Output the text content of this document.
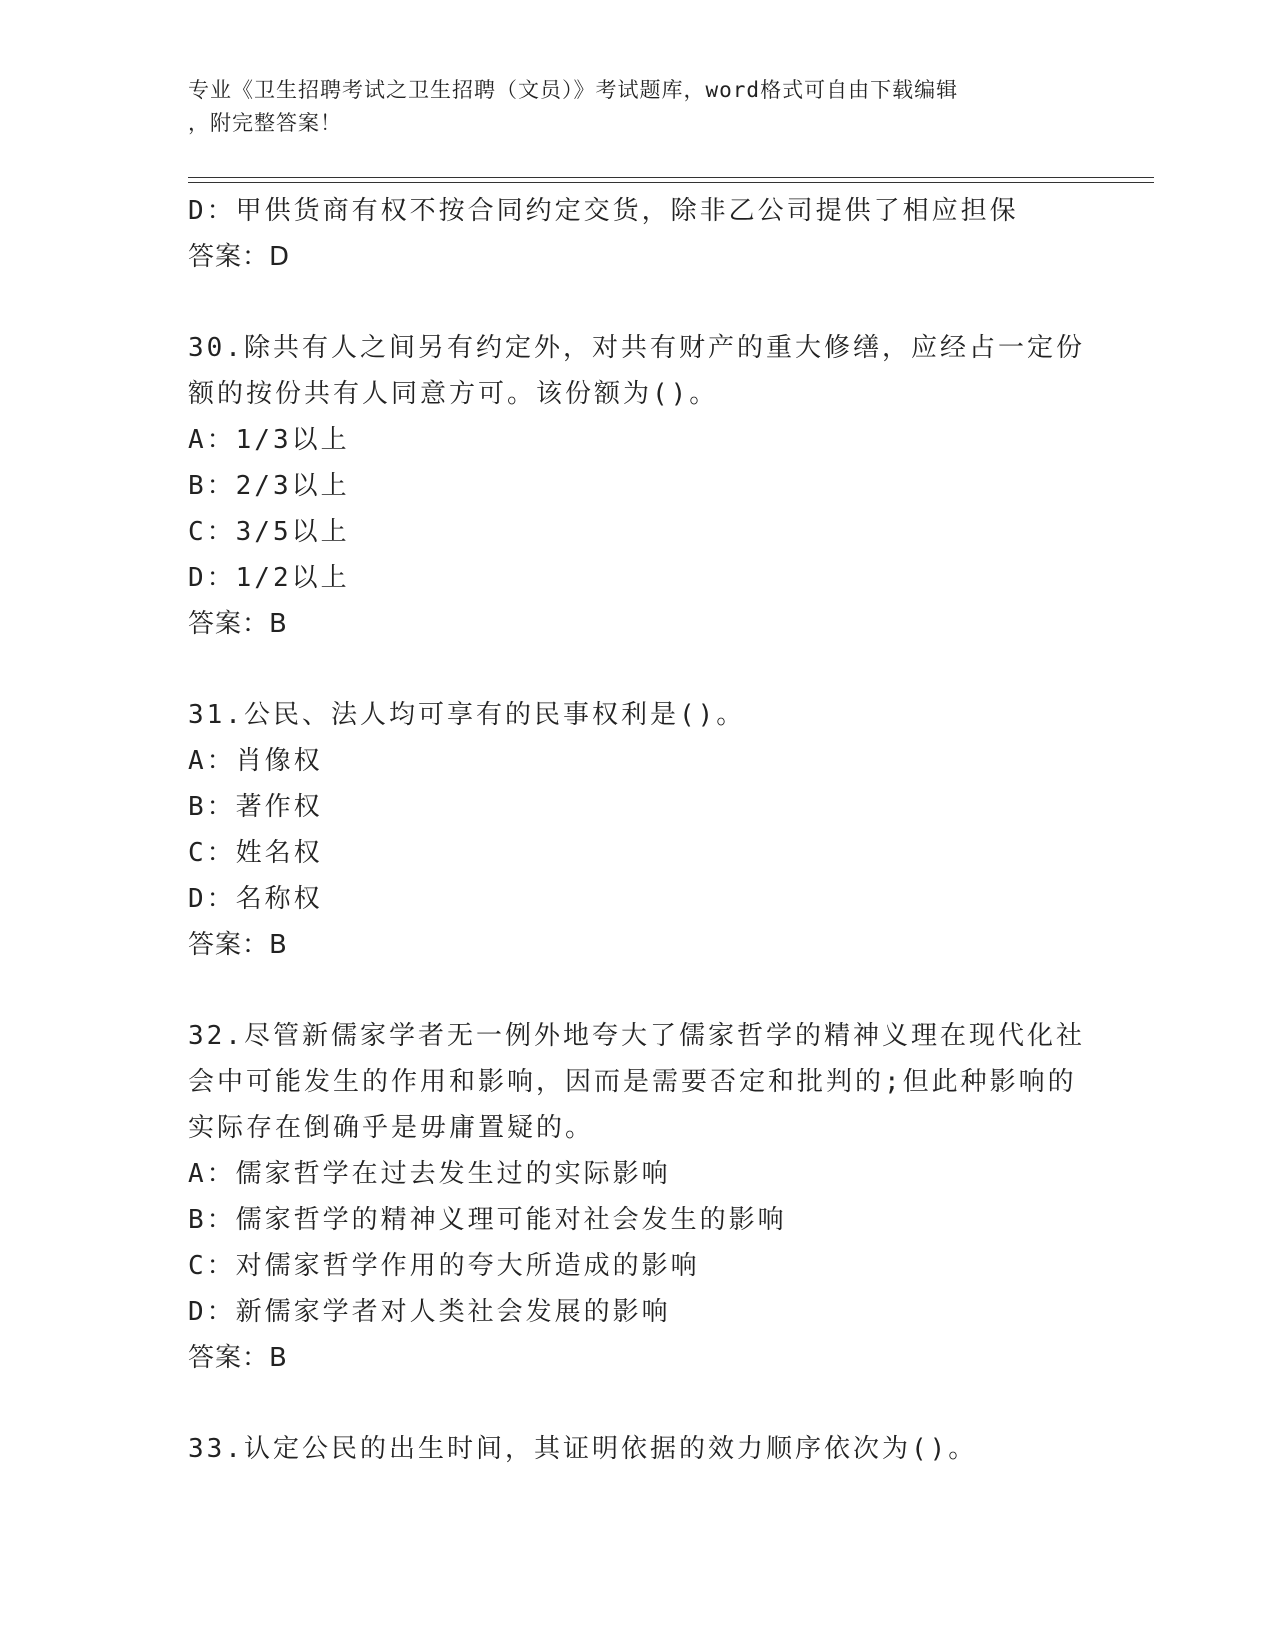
专业《卫生招聘考试之卫生招聘（文员）》考试题库，word格式可自由下载编辑
，附完整答案！
D：甲供货商有权不按合同约定交货，除非乙公司提供了相应担保
答案：D
30.除共有人之间另有约定外，对共有财产的重大修缮，应经占一定份
额的按份共有人同意方可。该份额为()。
A：1/3以上
B：2/3以上
C：3/5以上
D：1/2以上
答案：B
31.公民、法人均可享有的民事权利是()。
A：肖像权
B：著作权
C：姓名权
D：名称权
答案：B
32.尽管新儒家学者无一例外地夸大了儒家哲学的精神义理在现代化社
会中可能发生的作用和影响，因而是需要否定和批判的;但此种影响的
实际存在倒确乎是毋庸置疑的。
A：儒家哲学在过去发生过的实际影响
B：儒家哲学的精神义理可能对社会发生的影响
C：对儒家哲学作用的夸大所造成的影响
D：新儒家学者对人类社会发展的影响
答案：B
33.认定公民的出生时间，其证明依据的效力顺序依次为()。
